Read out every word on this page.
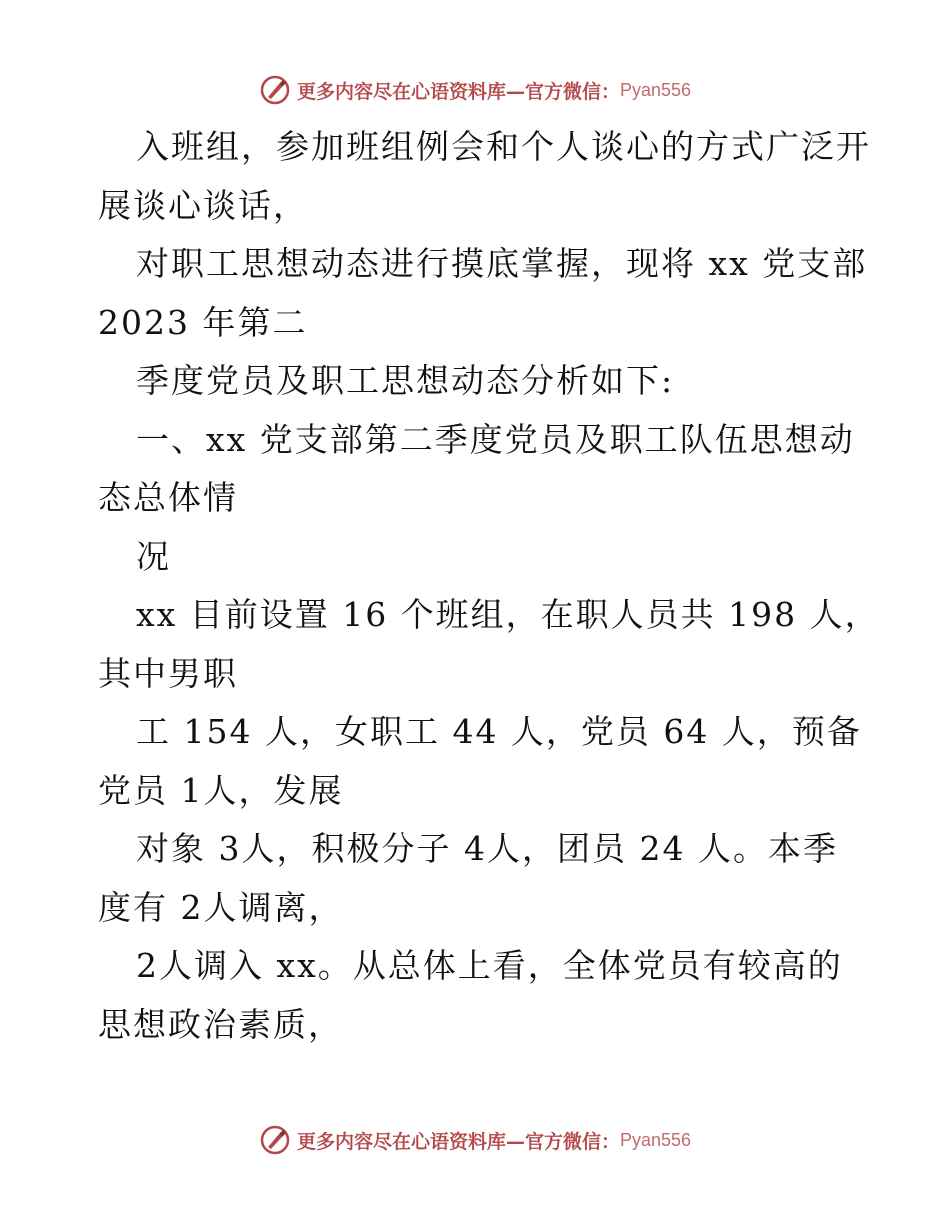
更多内容尽在心语资料库 —官方微信： Pyan556
入班组，参加班组例会和个人谈心的方式广泛开
展谈心谈话，
对职工思想动态进行摸底掌握，现将 xx 党支部
2023 年第二
季度党员及职工思想动态分析如下:
一、xx 党支部第二季度党员及职工队伍思想动
态总体情
况
xx 目前设置 16 个班组，在职人员共 198 人，
其中男职
工 154 人，女职工 44 人，党员 64 人，预备
党员 1人，发展
对象 3人，积极分子 4人，团员 24 人。本季
度有 2人调离，
2人调入 xx。从总体上看，全体党员有较高的
思想政治素质，
更多内容尽在心语资料库 —官方微信： Pyan556
